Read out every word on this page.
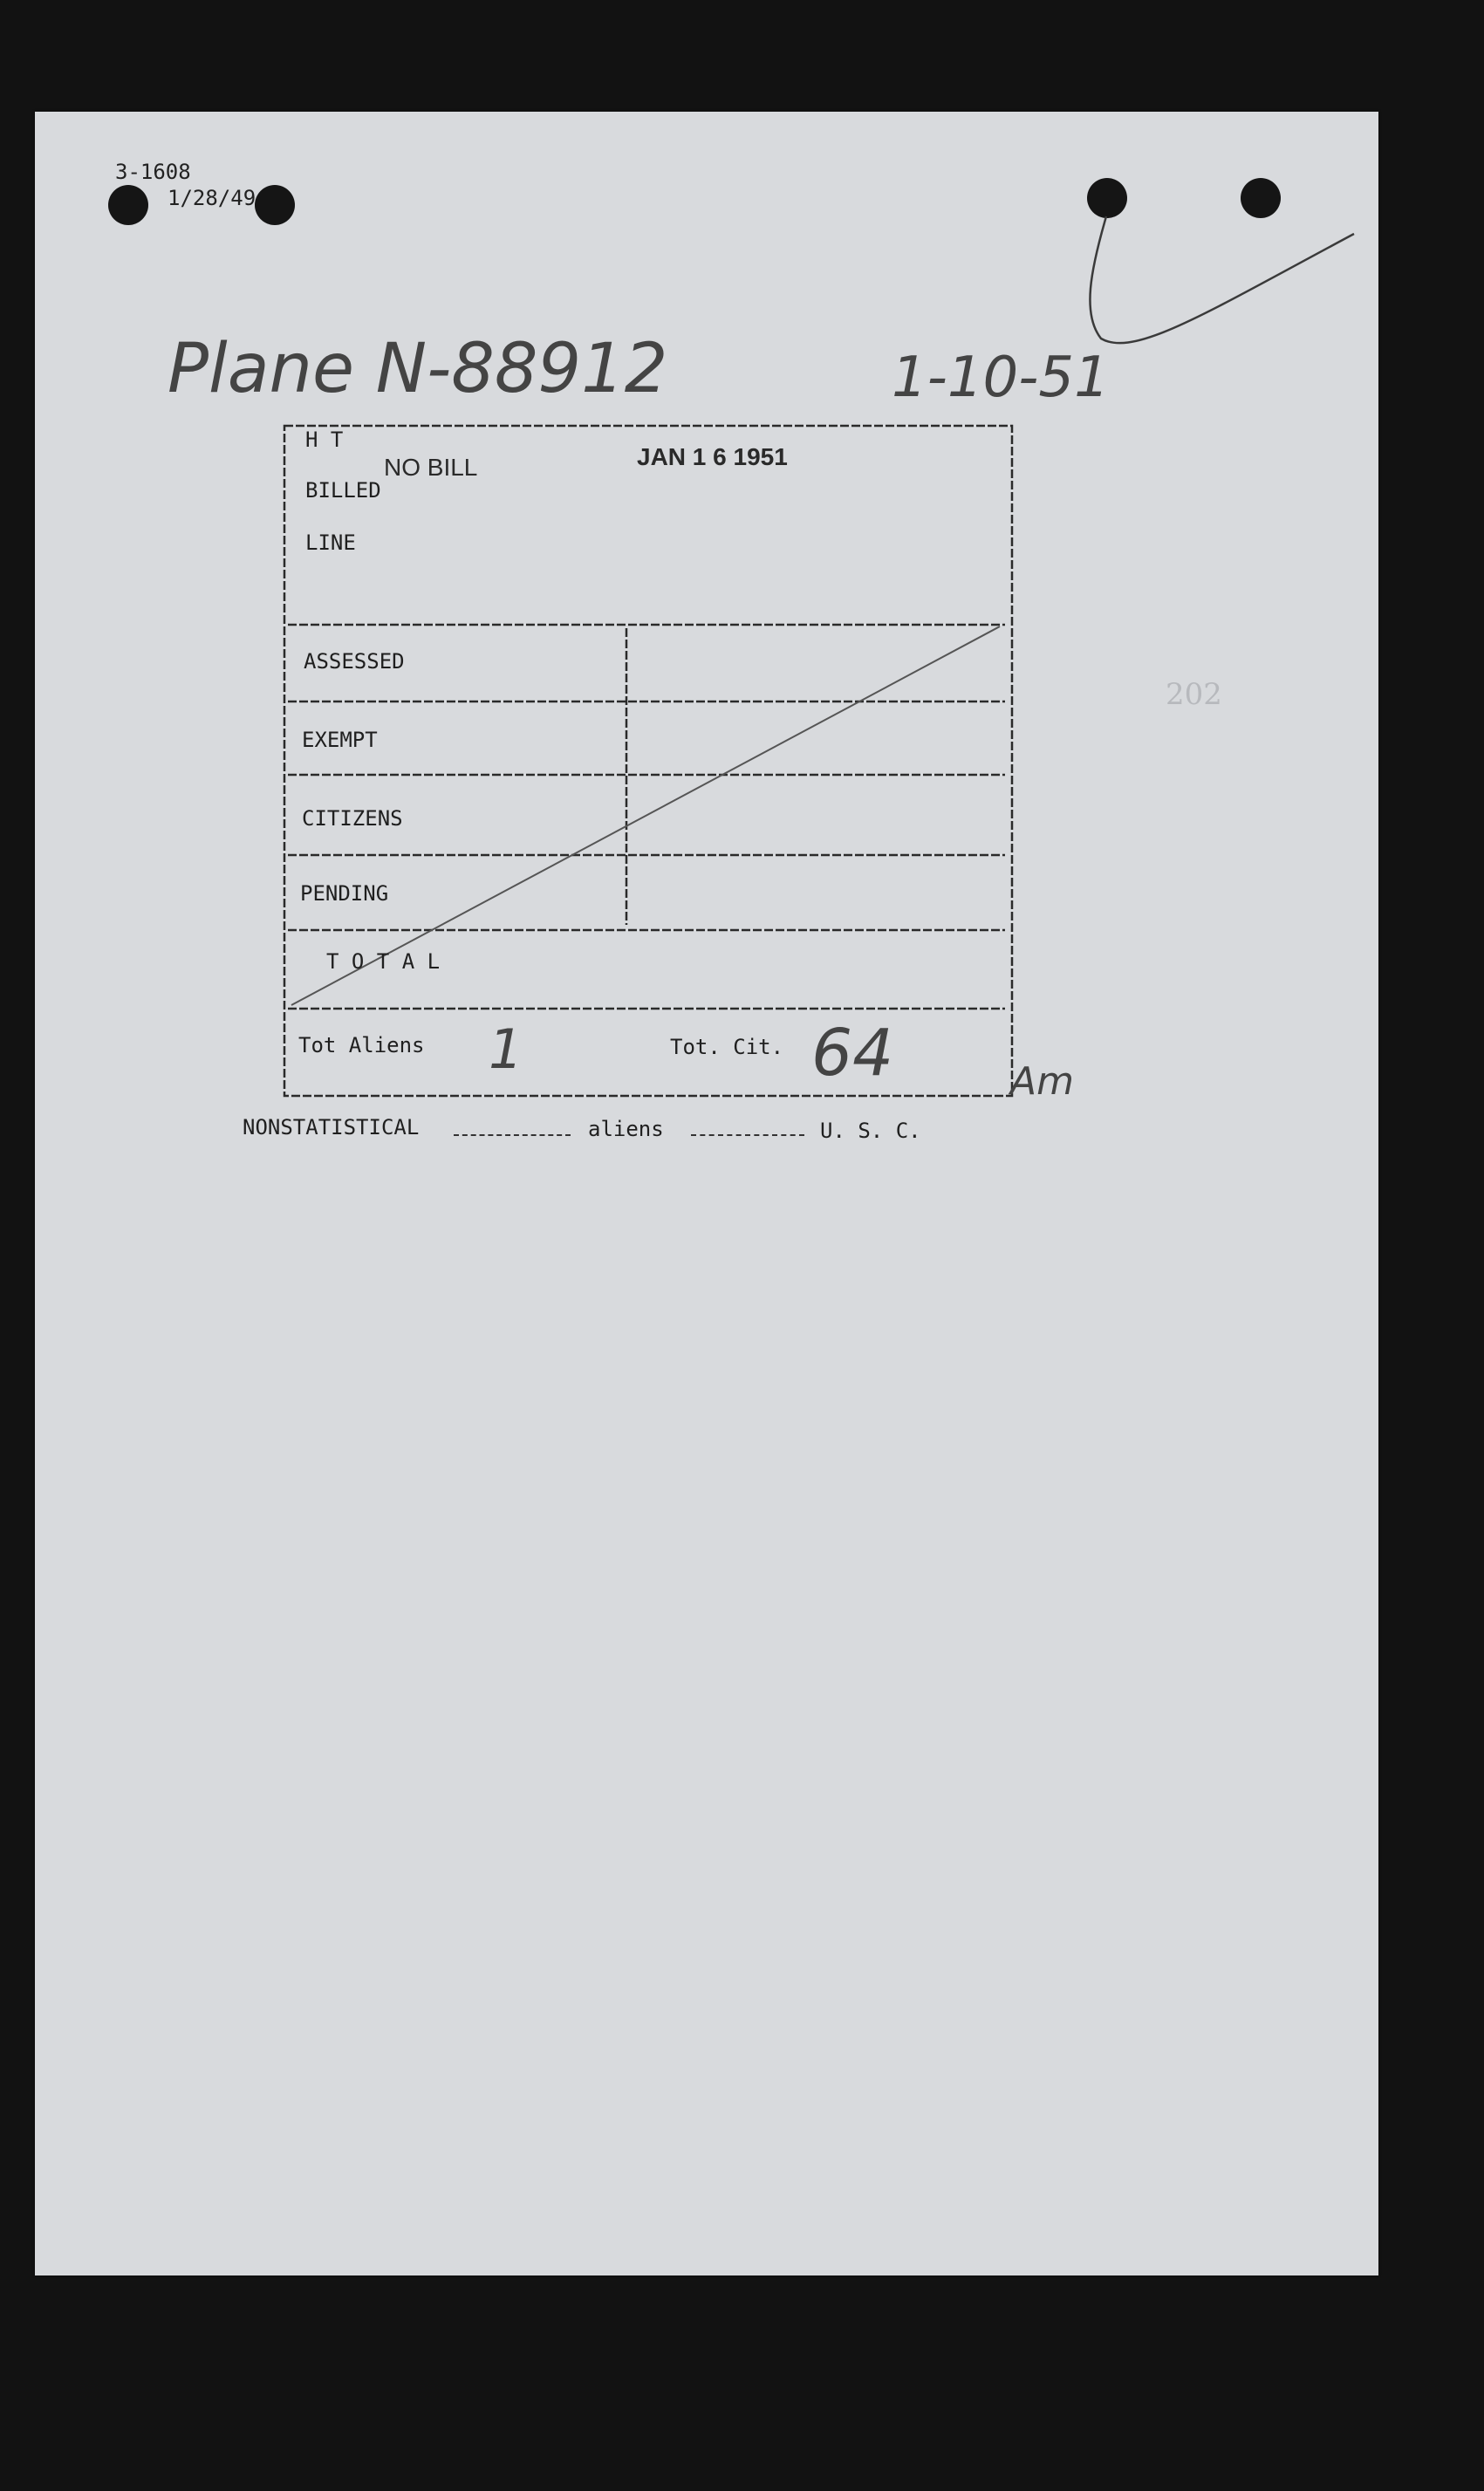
3-1608
1/28/49
Plane N-88912	1-10-51
202
H T
BILLED
LINE
NO BILL	JAN 1 6 1951
ASSESSED
EXEMPT
CITIZENS
PENDING
T O T A L
Tot Aliens 1	Tot. Cit. 64	Am
NONSTATISTICAL	aliens	U. S. C.
